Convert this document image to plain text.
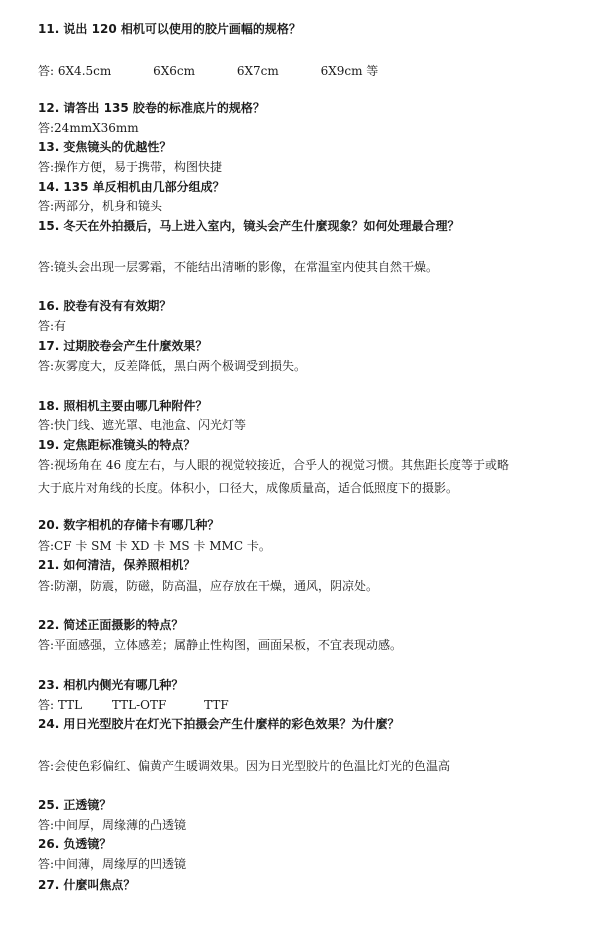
11. 说出 120 相机可以使用的胶片画幅的规格？
答: 6X4.5cm	6X6cm	6X7cm	6X9cm 等
12. 请答出 135 胶卷的标准底片的规格？
答:24mmX36mm
13. 变焦镜头的优越性？
答:操作方便，易于携带，构图快捷
14. 135 单反相机由几部分组成？
答:两部分，机身和镜头
15. 冬天在外拍摄后，马上进入室内，镜头会产生什麼现象？如何处理最合理？
答:镜头会出现一层雾霜，不能结出清晰的影像，在常温室内使其自然干燥。
16. 胶卷有没有有效期？
答:有
17. 过期胶卷会产生什麼效果？
答:灰雾度大，反差降低，黑白两个极调受到损失。
18. 照相机主要由哪几种附件？
答:快门线、遮光罩、电池盒、闪光灯等
19. 定焦距标准镜头的特点？
答:视场角在 46 度左右，与人眼的视觉较接近，合乎人的视觉习惯。其焦距长度等于或略
大于底片对角线的长度。体积小，口径大，成像质量高，适合低照度下的摄影。
20. 数字相机的存储卡有哪几种？
答:CF 卡 SM 卡 XD 卡 MS 卡 MMC 卡。
21. 如何清洁，保养照相机？
答:防潮，防震，防磁，防高温，应存放在干燥，通风，阴凉处。
22. 简述正面摄影的特点？
答:平面感强，立体感差；属静止性构图，画面呆板，不宜表现动感。
23. 相机内侧光有哪几种？
答: TTL TTL-OTF	TTF
24. 用日光型胶片在灯光下拍摄会产生什麼样的彩色效果？为什麼？
答:会使色彩偏红、偏黄产生暖调效果。因为日光型胶片的色温比灯光的色温高
25. 正透镜？
答:中间厚，周缘薄的凸透镜
26. 负透镜？
答:中间薄，周缘厚的凹透镜
27. 什麼叫焦点？
